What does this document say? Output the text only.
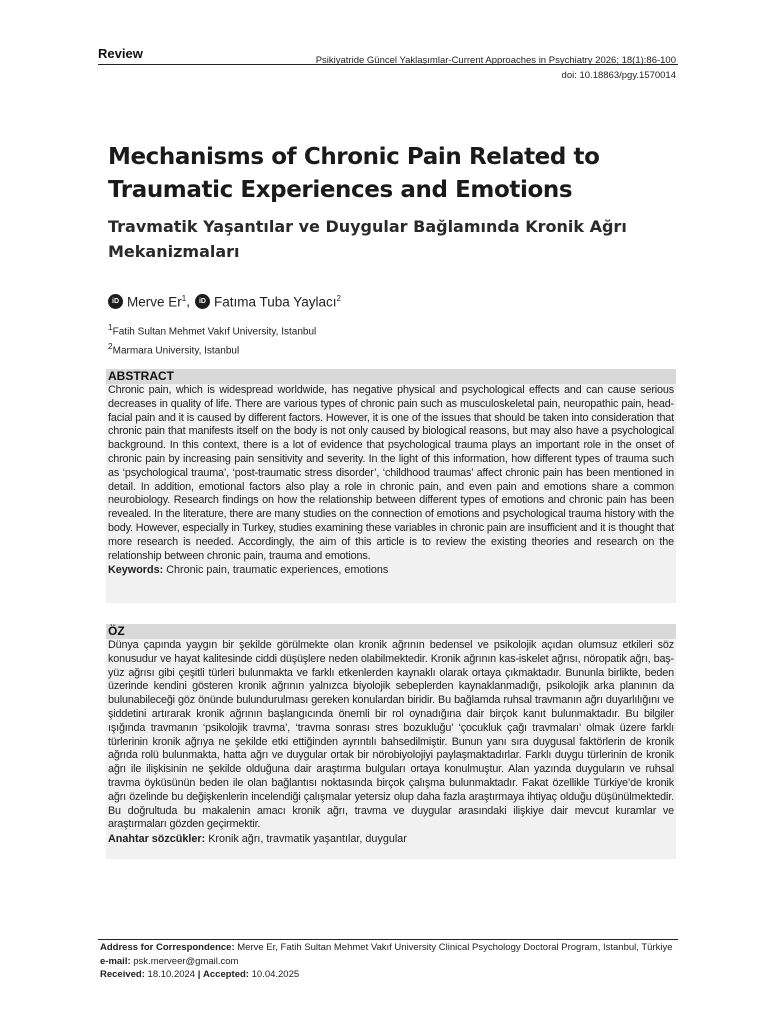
Review	Psikiyatride Güncel Yaklaşımlar-Current Approaches in Psychiatry 2026; 18(1):86-100
doi: 10.18863/pgy.1570014
Mechanisms of Chronic Pain Related to Traumatic Experiences and Emotions
Travmatik Yaşantılar ve Duygular Bağlamında Kronik Ağrı Mekanizmaları
iD Merve Er$^1$ ,	iD Fatıma Tuba Yaylacı$^2$
$^1$Fatih Sultan Mehmet Vakıf University, Istanbul
$^2$Marmara University, Istanbul
ABSTRACT
Chronic pain, which is widespread worldwide, has negative physical and psychological effects and can cause serious decreases in quality of life. There are various types of chronic pain such as musculoskeletal pain, neuropathic pain, head-facial pain and it is caused by different factors. However, it is one of the issues that should be taken into consideration that chronic pain that manifests itself on the body is not only caused by biological reasons, but may also have a psychological background. In this context, there is a lot of evidence that psychological trauma plays an important role in the onset of chronic pain by increasing pain sensitivity and severity. In the light of this information, how different types of trauma such as ‘psychological trauma’, ‘post-traumatic stress disorder’, ‘childhood traumas’ affect chronic pain has been mentioned in detail. In addition, emotional factors also play a role in chronic pain, and even pain and emotions share a common neurobiology. Research findings on how the relationship between different types of emotions and chronic pain has been revealed. In the literature, there are many studies on the connection of emotions and psychological trauma history with the body. However, especially in Turkey, studies examining these variables in chronic pain are insufficient and it is thought that more research is needed. Accordingly, the aim of this article is to review the existing theories and research on the relationship between chronic pain, trauma and emotions.
Keywords: Chronic pain, traumatic experiences, emotions
ÖZ
Dünya çapında yaygın bir şekilde görülmekte olan kronik ağrının bedensel ve psikolojik açıdan olumsuz etkileri söz konusudur ve hayat kalitesinde ciddi düşüşlere neden olabilmektedir. Kronik ağrının kas-iskelet ağrısı, nöropatik ağrı, baş-yüz ağrısı gibi çeşitli türleri bulunmakta ve farklı etkenlerden kaynaklı olarak ortaya çıkmaktadır. Bununla birlikte, beden üzerinde kendini gösteren kronik ağrının yalnızca biyolojik sebeplerden kaynaklanmadığı, psikolojik arka planının da bulunabileceği göz önünde bulundurulması gereken konulardan biridir. Bu bağlamda ruhsal travmanın ağrı duyarlılığını ve şiddetini artırarak kronik ağrının başlangıcında önemli bir rol oynadığına dair birçok kanıt bulunmaktadır. Bu bilgiler ışığında travmanın ‘psikolojik travma’, ‘travma sonrası stres bozukluğu’ ‘çocukluk çağı travmaları’ olmak üzere farklı türlerinin kronik ağrıya ne şekilde etki ettiğinden ayrıntılı bahsedilmiştir. Bunun yanı sıra duygusal faktörlerin de kronik ağrıda rolü bulunmakta, hatta ağrı ve duygular ortak bir nörobiyolojiyi paylaşmaktadırlar. Farklı duygu türlerinin de kronik ağrı ile ilişkisinin ne şekilde olduğuna dair araştırma bulguları ortaya konulmuştur. Alan yazında duyguların ve ruhsal travma öyküsünün beden ile olan bağlantısı noktasında birçok çalışma bulunmaktadır. Fakat özellikle Türkiye’de kronik ağrı özelinde bu değişkenlerin incelendiği çalışmalar yetersiz olup daha fazla araştırmaya ihtiyaç olduğu düşünülmektedir. Bu doğrultuda bu makalenin amacı kronik ağrı, travma ve duygular arasındaki ilişkiye dair mevcut kuramlar ve araştırmaları gözden geçirmektir.
Anahtar sözcükler: Kronik ağrı, travmatik yaşantılar, duygular
Address for Correspondence: Merve Er, Fatih Sultan Mehmet Vakıf University Clinical Psychology Doctoral Program, Istanbul, Türkiye
e-mail: psk.merveer@gmail.com
Received: 18.10.2024 | Accepted: 10.04.2025
